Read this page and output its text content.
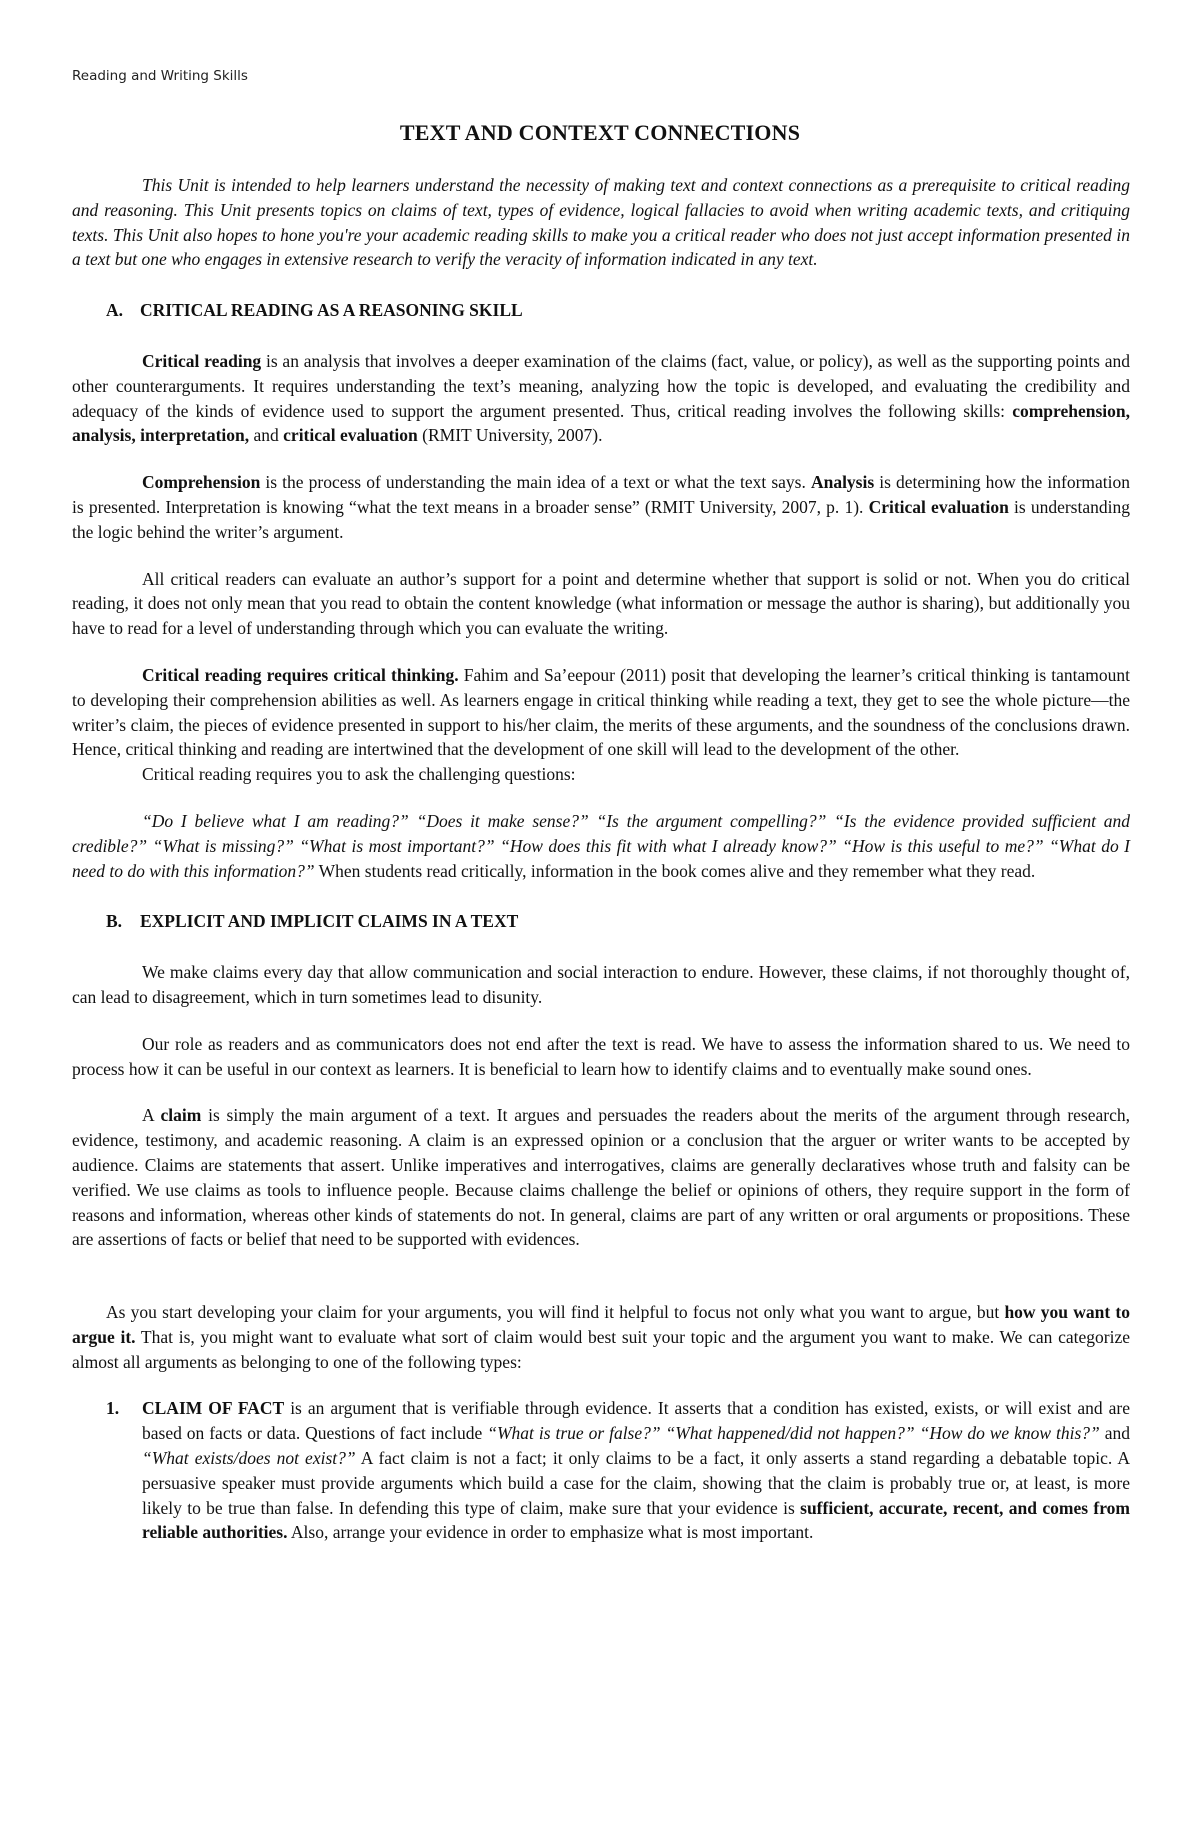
Reading and Writing Skills
TEXT AND CONTEXT CONNECTIONS

This Unit is intended to help learners understand the necessity of making text and context connections as a prerequisite to critical reading and reasoning. This Unit presents topics on claims of text, types of evidence, logical fallacies to avoid when writing academic texts, and critiquing texts. This Unit also hopes to hone you're your academic reading skills to make you a critical reader who does not just accept information presented in a text but one who engages in extensive research to verify the veracity of information indicated in any text.

A. CRITICAL READING AS A REASONING SKILL

Critical reading is an analysis that involves a deeper examination of the claims (fact, value, or policy), as well as the supporting points and other counterarguments. It requires understanding the text’s meaning, analyzing how the topic is developed, and evaluating the credibility and adequacy of the kinds of evidence used to support the argument presented. Thus, critical reading involves the following skills: comprehension, analysis, interpretation, and critical evaluation (RMIT University, 2007).

Comprehension is the process of understanding the main idea of a text or what the text says. Analysis is determining how the information is presented. Interpretation is knowing “what the text means in a broader sense” (RMIT University, 2007, p. 1). Critical evaluation is understanding the logic behind the writer’s argument.

All critical readers can evaluate an author’s support for a point and determine whether that support is solid or not. When you do critical reading, it does not only mean that you read to obtain the content knowledge (what information or message the author is sharing), but additionally you have to read for a level of understanding through which you can evaluate the writing.

Critical reading requires critical thinking. Fahim and Sa’eepour (2011) posit that developing the learner’s critical thinking is tantamount to developing their comprehension abilities as well. As learners engage in critical thinking while reading a text, they get to see the whole picture—the writer’s claim, the pieces of evidence presented in support to his/her claim, the merits of these arguments, and the soundness of the conclusions drawn. Hence, critical thinking and reading are intertwined that the development of one skill will lead to the development of the other.

Critical reading requires you to ask the challenging questions:

“Do I believe what I am reading?” “Does it make sense?” “Is the argument compelling?” “Is the evidence provided sufficient and credible?” “What is missing?” “What is most important?” “How does this fit with what I already know?” “How is this useful to me?” “What do I need to do with this information?” When students read critically, information in the book comes alive and they remember what they read.

B. EXPLICIT AND IMPLICIT CLAIMS IN A TEXT

We make claims every day that allow communication and social interaction to endure. However, these claims, if not thoroughly thought of, can lead to disagreement, which in turn sometimes lead to disunity.

Our role as readers and as communicators does not end after the text is read. We have to assess the information shared to us. We need to process how it can be useful in our context as learners. It is beneficial to learn how to identify claims and to eventually make sound ones.

A claim is simply the main argument of a text. It argues and persuades the readers about the merits of the argument through research, evidence, testimony, and academic reasoning. A claim is an expressed opinion or a conclusion that the arguer or writer wants to be accepted by audience. Claims are statements that assert. Unlike imperatives and interrogatives, claims are generally declaratives whose truth and falsity can be verified. We use claims as tools to influence people. Because claims challenge the belief or opinions of others, they require support in the form of reasons and information, whereas other kinds of statements do not. In general, claims are part of any written or oral arguments or propositions. These are assertions of facts or belief that need to be supported with evidences.

As you start developing your claim for your arguments, you will find it helpful to focus not only what you want to argue, but how you want to argue it. That is, you might want to evaluate what sort of claim would best suit your topic and the argument you want to make. We can categorize almost all arguments as belonging to one of the following types:

1. CLAIM OF FACT is an argument that is verifiable through evidence. It asserts that a condition has existed, exists, or will exist and are based on facts or data. Questions of fact include “What is true or false?” “What happened/did not happen?” “How do we know this?” and “What exists/does not exist?” A fact claim is not a fact; it only claims to be a fact, it only asserts a stand regarding a debatable topic. A persuasive speaker must provide arguments which build a case for the claim, showing that the claim is probably true or, at least, is more likely to be true than false. In defending this type of claim, make sure that your evidence is sufficient, accurate, recent, and comes from reliable authorities. Also, arrange your evidence in order to emphasize what is most important.
